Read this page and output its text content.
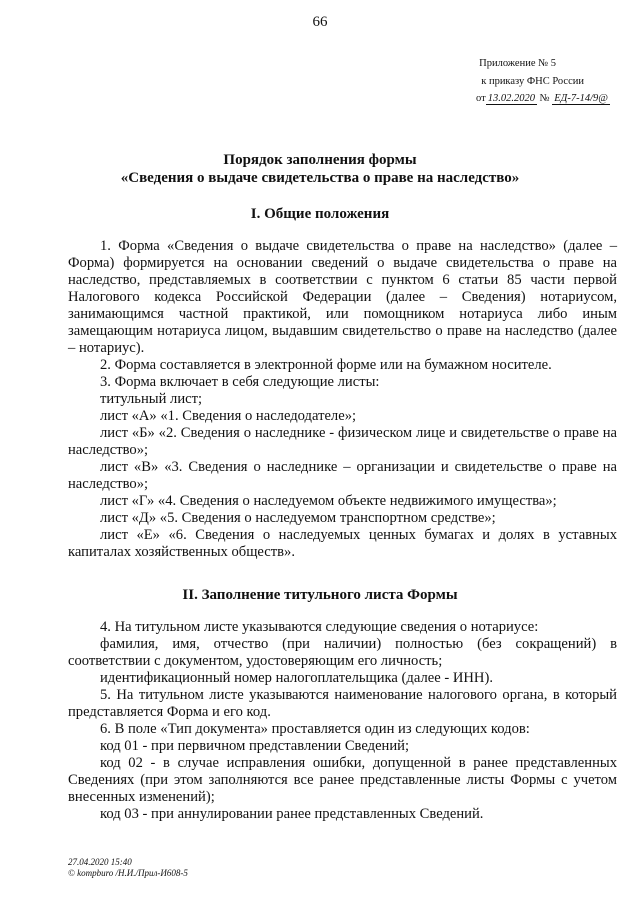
66
Приложение № 5
к приказу ФНС России
от 13.02.2020 № ЕД-7-14/9@
Порядок заполнения формы
«Сведения о выдаче свидетельства о праве на наследство»
I. Общие положения

1. Форма «Сведения о выдаче свидетельства о праве на наследство» (далее – Форма) формируется на основании сведений о выдаче свидетельства о праве на наследство, представляемых в соответствии с пунктом 6 статьи 85 части первой Налогового кодекса Российской Федерации (далее – Сведения) нотариусом, занимающимся частной практикой, или помощником нотариуса либо иным замещающим нотариуса лицом, выдавшим свидетельство о праве на наследство (далее – нотариус).

2. Форма составляется в электронной форме или на бумажном носителе.

3. Форма включает в себя следующие листы:

титульный лист;

лист «А» «1. Сведения о наследодателе»;

лист «Б» «2. Сведения о наследнике - физическом лице и свидетельстве о праве на наследство»;

лист «В» «3. Сведения о наследнике – организации и свидетельстве о праве на наследство»;

лист «Г» «4. Сведения о наследуемом объекте недвижимого имущества»;

лист «Д» «5. Сведения о наследуемом транспортном средстве»;

лист «Е» «6. Сведения о наследуемых ценных бумагах и долях в уставных капиталах хозяйственных обществ».

II. Заполнение титульного листа Формы

4. На титульном листе указываются следующие сведения о нотариусе:

фамилия, имя, отчество (при наличии) полностью (без сокращений) в соответствии с документом, удостоверяющим его личность;

идентификационный номер налогоплательщика (далее - ИНН).

5. На титульном листе указываются наименование налогового органа, в который представляется Форма и его код.

6. В поле «Тип документа» проставляется один из следующих кодов:

код 01 - при первичном представлении Сведений;

код 02 - в случае исправления ошибки, допущенной в ранее представленных Сведениях (при этом заполняются все ранее представленные листы Формы с учетом внесенных изменений);

код 03 - при аннулировании ранее представленных Сведений.

27.04.2020 15:40
© kompburo /Н.И./Прил-И608-5
